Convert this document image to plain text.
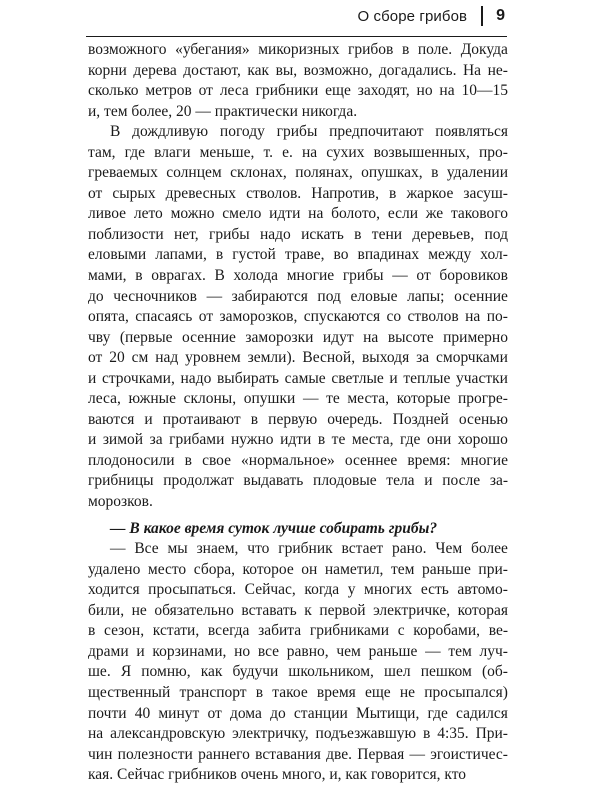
О сборе грибов 9
возможного «убегания» микоризных грибов в поле. Докуда
корни дерева достают, как вы, возможно, догадались. На не-
сколько метров от леса грибники еще заходят, но на 10—15
и, тем более, 20 — практически никогда.
В дождливую погоду грибы предпочитают появляться
там, где влаги меньше, т. е. на сухих возвышенных, про-
греваемых солнцем склонах, полянах, опушках, в удалении
от сырых древесных стволов. Напротив, в жаркое засуш-
ливое лето можно смело идти на болото, если же такового
поблизости нет, грибы надо искать в тени деревьев, под
еловыми лапами, в густой траве, во впадинах между хол-
мами, в оврагах. В холода многие грибы — от боровиков
до чесночников — забираются под еловые лапы; осенние
опята, спасаясь от заморозков, спускаются со стволов на по-
чву (первые осенние заморозки идут на высоте примерно
от 20 см над уровнем земли). Весной, выходя за сморчками
и строчками, надо выбирать самые светлые и теплые участки
леса, южные склоны, опушки — те места, которые прогре-
ваются и протаивают в первую очередь. Поздней осенью
и зимой за грибами нужно идти в те места, где они хорошо
плодоносили в свое «нормальное» осеннее время: многие
грибницы продолжат выдавать плодовые тела и после за-
морозков.
— В какое время суток лучше собирать грибы?
— Все мы знаем, что грибник встает рано. Чем более
удалено место сбора, которое он наметил, тем раньше при-
ходится просыпаться. Сейчас, когда у многих есть автомо-
били, не обязательно вставать к первой электричке, которая
в сезон, кстати, всегда забита грибниками с коробами, ве-
драми и корзинами, но все равно, чем раньше — тем луч-
ше. Я помню, как будучи школьником, шел пешком (об-
щественный транспорт в такое время еще не просыпался)
почти 40 минут от дома до станции Мытищи, где садился
на александровскую электричку, подъезжавшую в 4:35. При-
чин полезности раннего вставания две. Первая — эгоистичес-
кая. Сейчас грибников очень много, и, как говорится, кто
